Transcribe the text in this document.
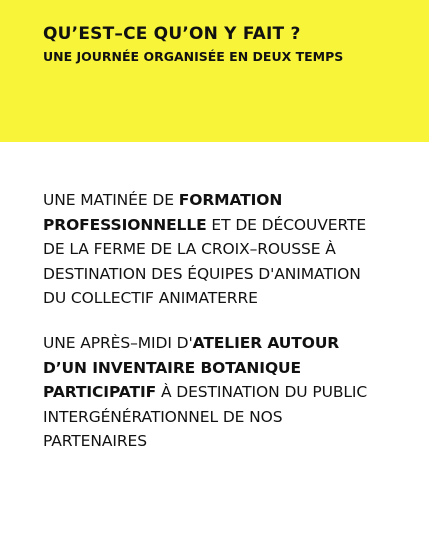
QU’EST–CE QU’ON Y FAIT ?
UNE JOURNÉE ORGANISÉE EN DEUX TEMPS

UNE MATINÉE DE FORMATION PROFESSIONNELLE ET DE DÉCOUVERTE DE LA FERME DE LA CROIX–ROUSSE À DESTINATION DES ÉQUIPES D'ANIMATION DU COLLECTIF ANIMATERRE

UNE APRÈS–MIDI D'ATELIER AUTOUR D’UN INVENTAIRE BOTANIQUE PARTICIPATIF À DESTINATION DU PUBLIC INTERGÉNÉRATIONNEL DE NOS PARTENAIRES
